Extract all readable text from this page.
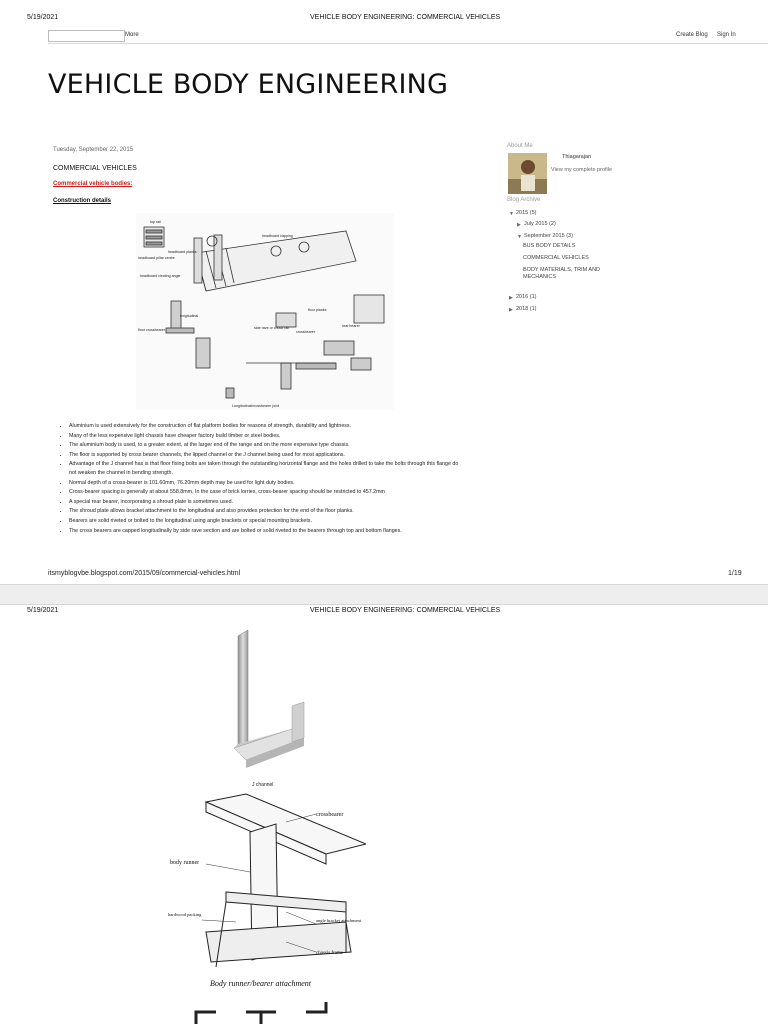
5/19/2021	VEHICLE BODY ENGINEERING: COMMERCIAL VEHICLES
More	Create Blog Sign In
VEHICLE BODY ENGINEERING
Tuesday, September 22, 2015
COMMERCIAL VEHICLES
Commercial vehicle bodies:
Construction details
top rail
headboard planks
headboard pillar centre
headboard capping
headboard cleating angle
floor planks
longitudinal
floor crossbearer	side rave or chock rail
crossbearer
rear bearer
Longitudinal/crossbearer joint
• Aluminium is used extensively for the construction of flat platform bodies for reasons of strength, durability and lightness.
• Many of the less expensive light chassis have cheaper factory build timber or steel bodies.
• The aluminium body is used, to a greater extent, at the larger end of the range and on the more expensive type chassis.
• The floor is supported by cross bearer channels, the lipped channel or the J channel being used for most applications.
• Advantage of the J channel has is that floor fixing bolts are taken through the outstanding horizontal flange and the holes drilled to take the bolts through this flange do not weaken the channel in bending strength.
• Normal depth of a cross-bearer is 101.60mm, 76.20mm depth may be used for light duty bodies.
• Cross-bearer spacing is generally at about 558.8mm, In the case of brick lorries, cross-bearer spacing should be restricted to 457.2mm
• A special rear bearer, incorporating a shroud plate is sometimes used.
• The shroud plate allows bracket attachment to the longitudinal and also provides protection for the end of the floor planks.
• Bearers are solid riveted or bolted to the longitudinal using angle brackets or special mounting brackets.
• The cross bearers are capped longitudinally by side rave section and are bolted or solid riveted to the bearers through top and bottom flanges.
About Me
Thiagarajan
View my complete profile
Blog Archive
▼ 2015 (5)
▶ July 2015 (2)
▼ September 2015 (3)
BUS BODY DETAILS
COMMERCIAL VEHICLES
BODY MATERIALS, TRIM AND MECHANICS
▶ 2016 (1)
▶ 2018 (1)
itsmyblogvbe.blogspot.com/2015/09/commercial-vehicles.html	1/19
5/19/2021	VEHICLE BODY ENGINEERING: COMMERCIAL VEHICLES
J channel
crossbearer
body runner
hardwood packing
angle bracket attachment
chassis frame
Body runner/bearer attachment
